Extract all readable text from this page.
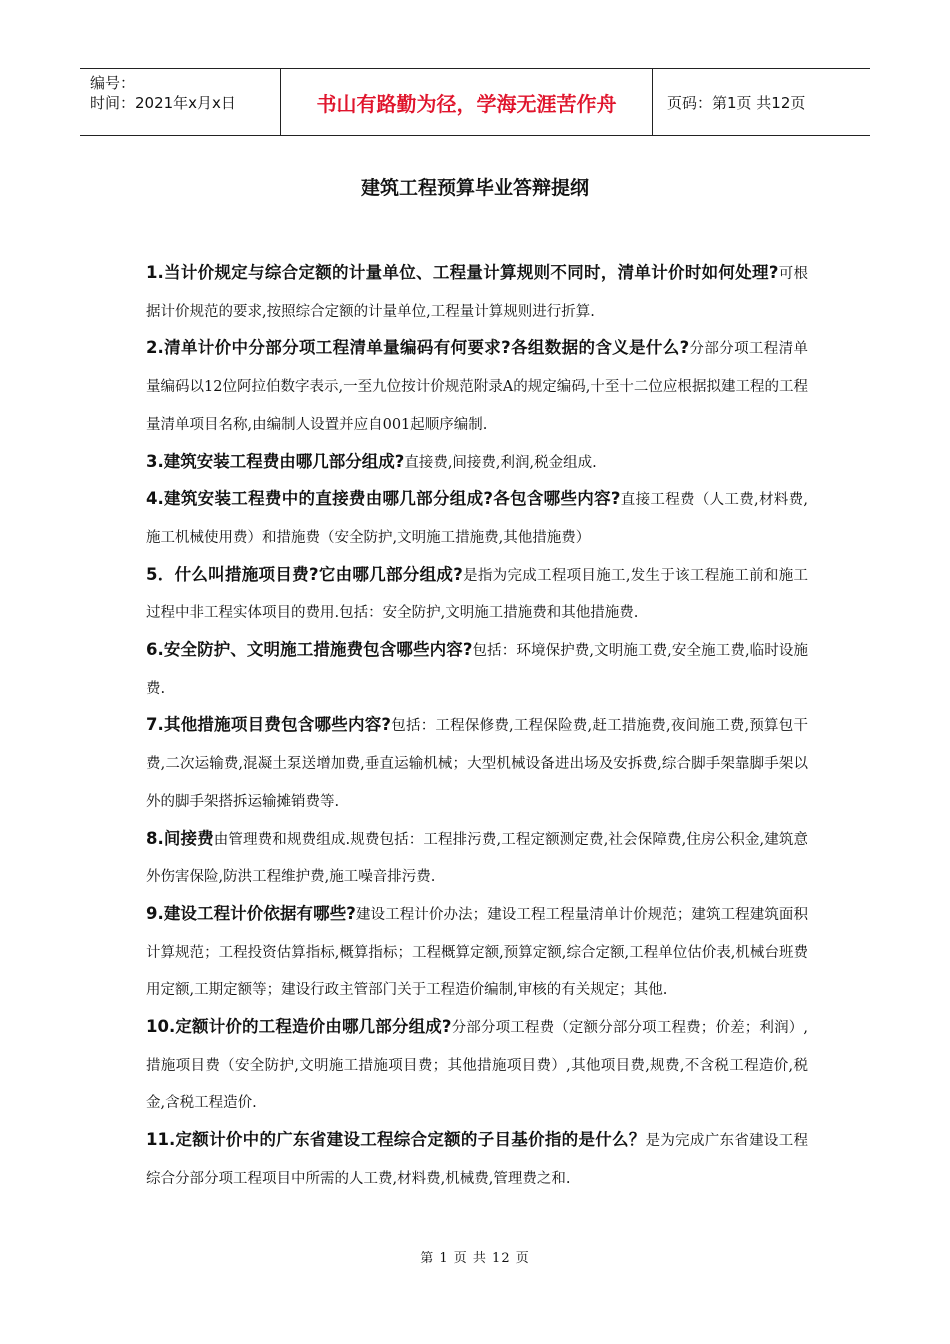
编号：
时间：2021年x月x日	书山有路勤为径，学海无涯苦作舟	页码：第1页 共12页
建筑工程预算毕业答辩提纲

1.当计价规定与综合定额的计量单位、工程量计算规则不同时，清单计价时如何处理?可根据计价规范的要求,按照综合定额的计量单位,工程量计算规则进行折算.

2.清单计价中分部分项工程清单量编码有何要求?各组数据的含义是什么?分部分项工程清单量编码以12位阿拉伯数字表示,一至九位按计价规范附录A的规定编码,十至十二位应根据拟建工程的工程量清单项目名称,由编制人设置并应自001起顺序编制.

3.建筑安装工程费由哪几部分组成?直接费,间接费,利润,税金组成.

4.建筑安装工程费中的直接费由哪几部分组成?各包含哪些内容?直接工程费（人工费,材料费,施工机械使用费）和措施费（安全防护,文明施工措施费,其他措施费）

5．什么叫措施项目费?它由哪几部分组成?是指为完成工程项目施工,发生于该工程施工前和施工过程中非工程实体项目的费用.包括：安全防护,文明施工措施费和其他措施费.

6.安全防护、文明施工措施费包含哪些内容?包括：环境保护费,文明施工费,安全施工费,临时设施费.

7.其他措施项目费包含哪些内容?包括：工程保修费,工程保险费,赶工措施费,夜间施工费,预算包干费,二次运输费,混凝土泵送增加费,垂直运输机械；大型机械设备进出场及安拆费,综合脚手架靠脚手架以外的脚手架搭拆运输摊销费等.

8.间接费由管理费和规费组成.规费包括：工程排污费,工程定额测定费,社会保障费,住房公积金,建筑意外伤害保险,防洪工程维护费,施工噪音排污费.

9.建设工程计价依据有哪些?建设工程计价办法；建设工程工程量清单计价规范；建筑工程建筑面积计算规范；工程投资估算指标,概算指标；工程概算定额,预算定额,综合定额,工程单位估价表,机械台班费用定额,工期定额等；建设行政主管部门关于工程造价编制,审核的有关规定；其他.

10.定额计价的工程造价由哪几部分组成?分部分项工程费（定额分部分项工程费；价差；利润）,措施项目费（安全防护,文明施工措施项目费；其他措施项目费）,其他项目费,规费,不含税工程造价,税金,含税工程造价.

11.定额计价中的广东省建设工程综合定额的子目基价指的是什么？是为完成广东省建设工程综合分部分项工程项目中所需的人工费,材料费,机械费,管理费之和.

第 1 页 共 12 页
